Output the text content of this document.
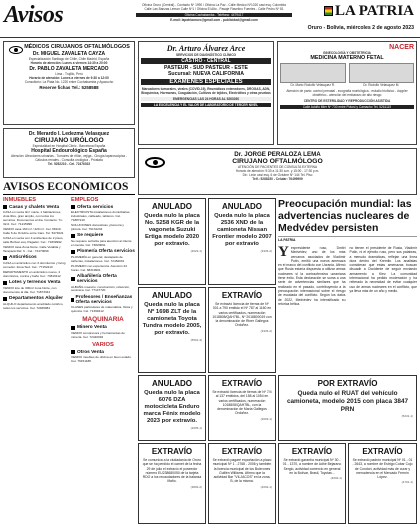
Avisos	Oficina Oruro (Central) - Contacto Nº 1990 / Oficina La Paz - Calle Mexico Nº1020 casi esq. Colombia
Calle Las Banzas Lemon Calle Nº1 / Oficina El Alto - Pasaje Flavelino Fuentes - Calle Pedro Nº 81
Oficina Cochabamba - Teléfono: 4479417
E-mail: lapatriaoruro@gmail.com - publicidad@gmail.com
LA PATRIA
Oruro - Bolivia, miércoles 2 de agosto 2023
MÉDICOS CIRUJANOS OFTALMÓLOGOS
Dr. MIGUEL ZAVALETA CAYZA
Especialización Santiago de Chile, Chile Madrid, España
Horario de atención: Lunes a viernes 14:30 a 20:00
Dr. PABLO ZAVALETA MERCADO
Lima - Trujillo, Perú
Horario de atención: Lunes a viernes de 9:30 a 12:00
Consultorio: La Plata No. 1220 entre Cochabamba y Ayacucho
Reserve fichas Tel.: 5258588
Dr. Arturo Álvarez Arce
SERVICIOS DE DIAGNÓSTICO CLÍNICO
CASTRO - CENTRAL
PASTEUR - SUD PASTEUR - ESTE
Sucursal: NUEVA CALIFORNIA
EXÁMENES ESPECIALES
Marcadores tumorales, virales (COVID-19), Reumáticos extenedores, DROGAS, ADN, Bioquímica, Hormonas, Coagulación, Cultivos de tejidos, Electrólitos y otras pruebas
EMERGENCIAS LAS 24 HORAS AL 5263030
LA EXCELENCIA Y EL VALOR DE LABORATORIO DE TERCER NIVEL
NACER
GINECOLOGÍA Y OBSTETRICIA
MEDICINA MATERNO FETAL
Dr. Mario Rodolfo Velasquez R.	Dr. Rodolfo Velasquez M.
Atención de parto: control prenatal - ecografía morfológica - estudio biofísico - doppler obstétrico - atención del embarazo de alto riesgo
CENTRO DE ESTERILIDAD Y REPRODUCCIÓN ASISTIDA
Calle Adolfo Mier Nº 730 entre Potosí y Camacho Tel. 5261119
Dr. Merardo I. Ledezma Velasquez
CIRUJANO URÓLOGO
Especialidad en Hospital Clínic - Barcelona España
Hospital Endourológico España
Atención: Afecciones urinarias - Tumores de riñón, vejiga - Cirugía laparoscópica - Cálculos renales - Consulta urológica - Próstata
Tel. 5252210 - Cel. 72476022
Dr. JORGE PERALOZA LEMA
CIRUJANO OFTALMÓLOGO
ATENCIÓN DE PACIENTES DE CONSULTA EXTERNA
Horario de atención: 9:30 a 11:30 a.m. y 15:00 - 17:30 p.m.
Dir.: León casi esq. 6 de Octubre Nº 144 Tel. Piso
Telf.: 5288150 - Celular: 76499999
AVISOS ECONÓMICOS
INMUEBLES
Casas y chalets Venta

CASA en venta 3m² maza, 1 habitaciones, vista libre, gran amplio, con todos los servicios. Documentos al día. Contacto: 71-32-0. Cel.: 71215999

VENDO casa 160 m² / 220 m². Cel. 68110. Calle 6 de Octubre entre Caro. Tel. 5274021

CASA en venta con 4 ambientes de 2 pisos, calle Bolívar esq. Pagador. Cel.: 71839992

VENDO casa Zona Norte. Calle Vetaltila y Tarapacá Ref. 6 - Cel.: 72470099

Anticréticos

CASA en anticrético con 3 dormitorios y living comedor. Zona Sud. Cel.: 77152410

DEPARTAMENTO en anticrético nuevo, 2 dormitorios, cocina y baño Cel.: 73816112

Lotes y terrenos Venta

VENDO lote de 300m² zona Norte, con documentos al día. Cel. 71873344

Departamentos Alquiler

ALQUILO departamento amoblado céntrico, todos los servicios. Cel. 72466981

EMPLEOS
Oferta servicios

ELECTRICISTA instalaciones domiciliarias, industriales, cableado, tableros. Cel. 71887210

SOLUCIONES domésticas, plomería y pintura. Cel. 76131234

Se requiere

Se requiere señorita para atención al cliente en tienda. Cel. 73820091

Plomería Oferta servicios

PLOMERÍA en general, destapado de cañerías, instalaciones. Cel. 72484001

PLOMERO con experiencia. Atención 24 horas. Cel. 68319901

Albañilería Oferta servicios

ALBAÑIL maestro: construcción, refacción, cerámica. Cel. 77147720

Profesores / Enseñanzas Oferta servicios

CLASES particulares de matemática, física y química. Cel. 71399412

MAQUINARIA
Minero Venta

VENDO compresora y herramientas de minería. Cel. 72440092

VARIOS
Otros Venta

VENDO muebles de oficina en buen estado. Cel. 76151188

ANULADO
Queda nulo la placa No. 5258 KGR de la vagoneta Suzuki Ertiga modelo 2020 por extravío.
(2023-1)
ANULADO
Queda nulo la placa 2536 XND de la camioneta Nissan Frontier modelo 2007 por extravío
(3333-2)
ANULADO
Queda nulo la placa Nº 1698 ZLT de la camioneta Toyota Tundra modelo 2005, por extravío.
(5501-3)
EXTRAVÍO
Se extravió licencia de tierras de Nº 001 a 790 emitido el Nº 787 al 1160 en varios certificados, numeración 1018808/QAH7BL, Nº 2018800019 con la denominación de Riner Gallegos Ordoñez.
(3333-2)
ANULADO
Queda nulo la placa 6076 DZA motocicleta Enduro marca Fénix modelo 2023 por extravío.
(2005-1)
EXTRAVÍO
Se extravió licencia de tierras de Nº 7/4 al 137 emitidos, del 158 al 1054 en varios certificados, numeración 1018808/QAH7BL, con la denominación de María Gallegos Ordoñez.
(3003-1)
POR EXTRAVÍO
Queda nulo el RUAT del vehículo camioneta, modelo 2015 con placa 3847 PRN
(5231-1)
EXTRAVÍO
Se comunica a la ciudadanía de Oruro que se ha perdido el carnet de la fecha 29 de julio el extravío el poseedor número EU238680050 de la tarjeta RDO a los recaudadores de la balanza Ilfaño.
(3802-2)
EXTRAVÍO
Se extravió pagaré exportación a plazo municipal Nº 1 - 2768 - 2006 y también la licencia municipal de los Bolerones Guillén Williams. Afirmo que la actividad Bar "VILJACOS" en la zona, B, de la misma.
(4002-1)
EXTRAVÍO
Se extravió garantía municipal Nº 30 - 01 - 1370, a nombre de Adhe Bejarano Sergio, actividad comercio en general en la Bolívar, Brasil, Toyotas...
(4002-1)
EXTRAVÍO
Se extravió padrón municipal Nº 01 - 01 - 2643, a nombre de Estrigo Cobar Cojo de Condori, actividad más de curar y menudencia en el Mercado Fermín López.
(4701-1)
Preocupación mundial: las advertencias nucleares de Medvédev persisten
LA PATRIA
Y expresidente ruso, Dmitri Medvédev, uno de los más cercanos asociados de Vladímir Putin, emitió una nueva amenaza en el marco del conflicto con Ucrania. Afirmó que Rusia estaría dispuesta a utilizar armas nucleares si la contraofensiva ucraniana tiene éxito. Esta declaración se suma a una serie de advertencias similares que ha realizado en el pasado, contribuyendo a la preocupación internacional sobre el riesgo de escalada del conflicto. Según los datos de 2022, Medvédev ha intensificado su retórica bélica.
no tienen el presidente de Rusia, Vladímir Putin, ni el ejército ruso, pero sus palabras, a menudo dramáticas, reflejan una línea dura dentro del Kremlin. Los analistas consideran que estas amenazas buscan disuadir a Occidente de seguir enviando armamento a Kiev. La comunidad internacional ha pedido moderación y ha reiterado la necesidad de evitar cualquier uso de armas nucleares en el conflicto, que ya lleva más de un año y medio.
